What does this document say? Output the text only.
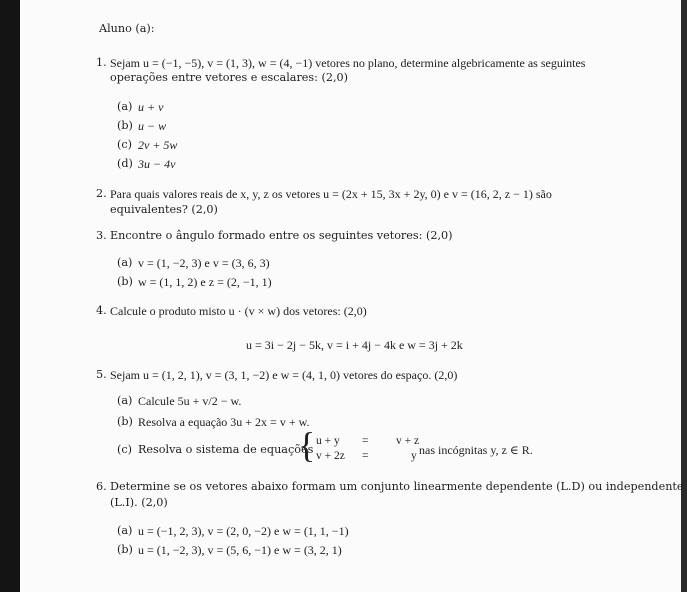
Aluno (a):
1. Sejam u = (−1, −5), v = (1, 3), w = (4, −1) vetores no plano, determine algebricamente as seguintes
operações entre vetores e escalares: (2,0)
(a) u + v
(b) u − w
(c) 2v + 5w
(d) 3u − 4v
2. Para quais valores reais de x, y, z os vetores u = (2x + 15, 3x + 2y, 0) e v = (16, 2, z − 1) são
equivalentes? (2,0)
3. Encontre o ângulo formado entre os seguintes vetores: (2,0)
(a) v = (1, −2, 3) e v = (3, 6, 3)
(b) w = (1, 1, 2) e z = (2, −1, 1)
4. Calcule o produto misto u · (v × w) dos vetores: (2,0)
u = 3i − 2j − 5k, v = i + 4j − 4k e w = 3j + 2k
5. Sejam u = (1, 2, 1), v = (3, 1, −2) e w = (4, 1, 0) vetores do espaço. (2,0)
(a) Calcule 5u + v/2 − w.
(b) Resolva a equação 3u + 2x = v + w.
(c) Resolva o sistema de equações
{ u + y = v + z
v + 2z =	y nas incógnitas y, z ∈ R.
6. Determine se os vetores abaixo formam um conjunto linearmente dependente (L.D) ou independente
(L.I). (2,0)
(a) u = (−1, 2, 3), v = (2, 0, −2) e w = (1, 1, −1)
(b) u = (1, −2, 3), v = (5, 6, −1) e w = (3, 2, 1)
